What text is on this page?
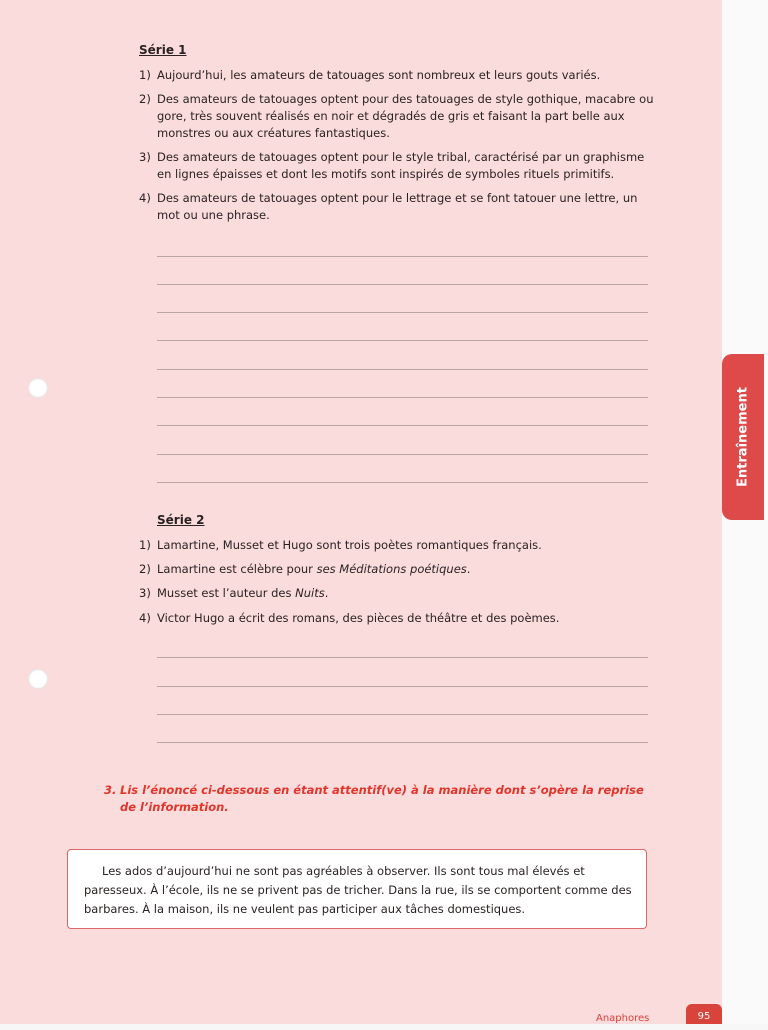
Entraînement
Série 1
1) Aujourd’hui, les amateurs de tatouages sont nombreux et leurs gouts variés.
2) Des amateurs de tatouages optent pour des tatouages de style gothique, macabre ou gore, très souvent réalisés en noir et dégradés de gris et faisant la part belle aux monstres ou aux créatures fantastiques.
3) Des amateurs de tatouages optent pour le style tribal, caractérisé par un graphisme en lignes épaisses et dont les motifs sont inspirés de symboles rituels primitifs.
4) Des amateurs de tatouages optent pour le lettrage et se font tatouer une lettre, un mot ou une phrase.
Série 2
1) Lamartine, Musset et Hugo sont trois poètes romantiques français.
2) Lamartine est célèbre pour ses Méditations poétiques.
3) Musset est l’auteur des Nuits.
4) Victor Hugo a écrit des romans, des pièces de théâtre et des poèmes.
3. Lis l’énoncé ci-dessous en étant attentif(ve) à la manière dont s’opère la reprise de l’information.
Les ados d’aujourd’hui ne sont pas agréables à observer. Ils sont tous mal élevés et paresseux. À l’école, ils ne se privent pas de tricher. Dans la rue, ils se comportent comme des barbares. À la maison, ils ne veulent pas participer aux tâches domestiques.
Anaphores	95
